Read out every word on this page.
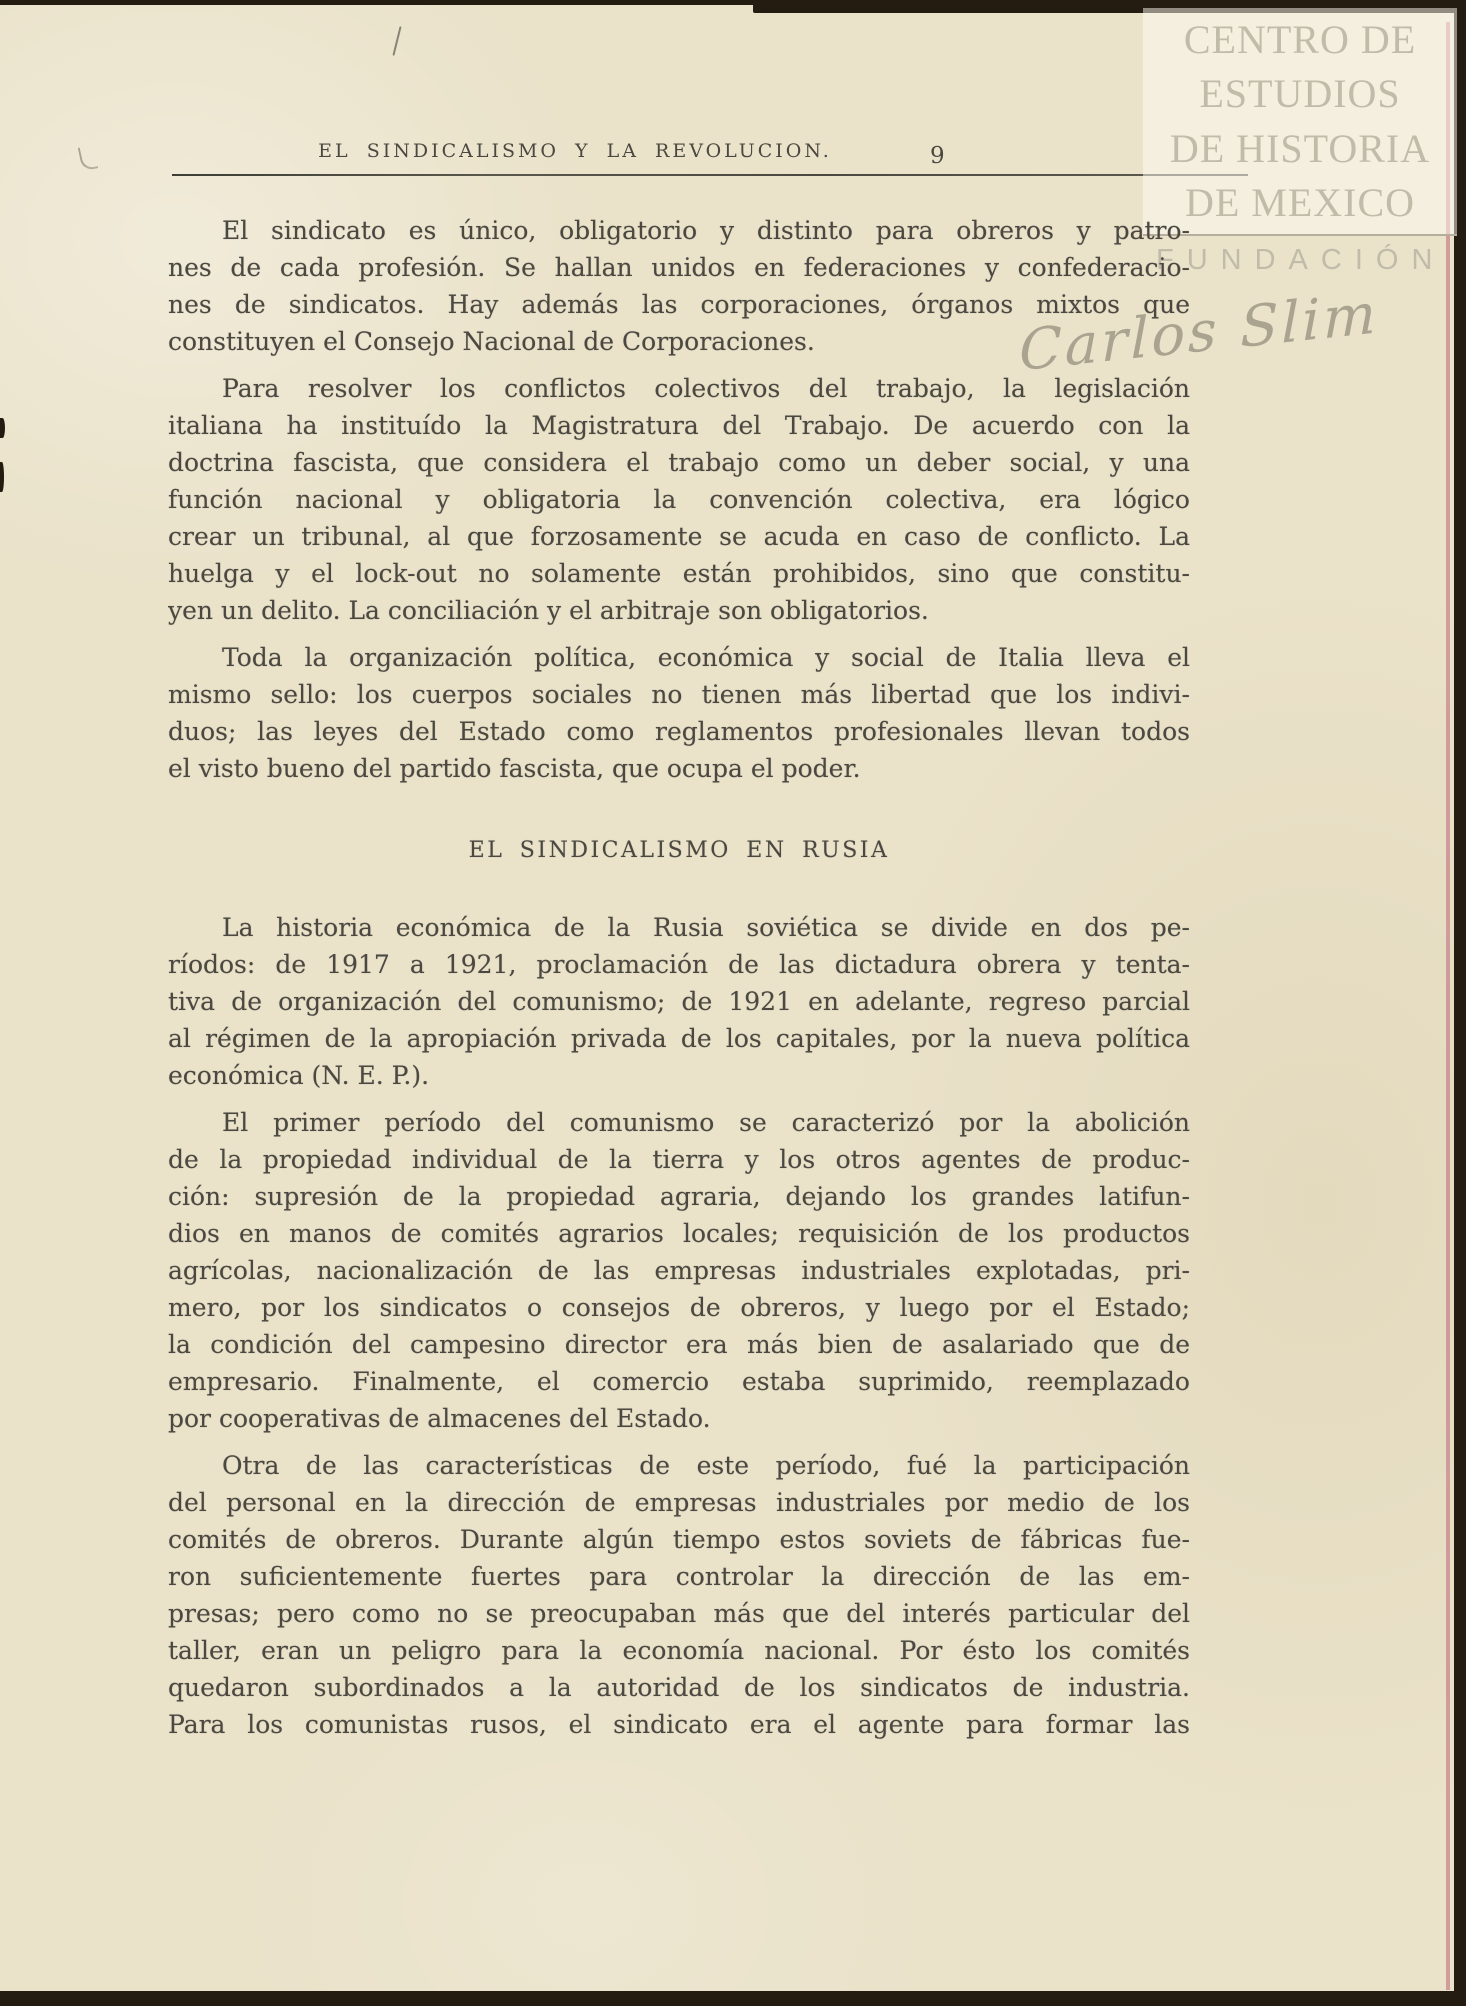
EL SINDICALISMO Y LA REVOLUCION.	9
CENTRO DE
ESTUDIOS
DE HISTORIA
DE MEXICO
FUNDACIÓN
Carlos Slim
El sindicato es único, obligatorio y distinto para obreros y patro-
nes de cada profesión. Se hallan unidos en federaciones y confederacio-
nes de sindicatos. Hay además las corporaciones, órganos mixtos que
constituyen el Consejo Nacional de Corporaciones.
Para resolver los conflictos colectivos del trabajo, la legislación
italiana ha instituído la Magistratura del Trabajo. De acuerdo con la
doctrina fascista, que considera el trabajo como un deber social, y una
función nacional y obligatoria la convención colectiva, era lógico
crear un tribunal, al que forzosamente se acuda en caso de conflicto. La
huelga y el lock-out no solamente están prohibidos, sino que constitu-
yen un delito. La conciliación y el arbitraje son obligatorios.
Toda la organización política, económica y social de Italia lleva el
mismo sello: los cuerpos sociales no tienen más libertad que los indivi-
duos; las leyes del Estado como reglamentos profesionales llevan todos
el visto bueno del partido fascista, que ocupa el poder.
EL SINDICALISMO EN RUSIA
La historia económica de la Rusia soviética se divide en dos pe-
ríodos: de 1917 a 1921, proclamación de las dictadura obrera y tenta-
tiva de organización del comunismo; de 1921 en adelante, regreso parcial
al régimen de la apropiación privada de los capitales, por la nueva política
económica (N. E. P.).
El primer período del comunismo se caracterizó por la abolición
de la propiedad individual de la tierra y los otros agentes de produc-
ción: supresión de la propiedad agraria, dejando los grandes latifun-
dios en manos de comités agrarios locales; requisición de los productos
agrícolas, nacionalización de las empresas industriales explotadas, pri-
mero, por los sindicatos o consejos de obreros, y luego por el Estado;
la condición del campesino director era más bien de asalariado que de
empresario. Finalmente, el comercio estaba suprimido, reemplazado
por cooperativas de almacenes del Estado.
Otra de las características de este período, fué la participación
del personal en la dirección de empresas industriales por medio de los
comités de obreros. Durante algún tiempo estos soviets de fábricas fue-
ron suficientemente fuertes para controlar la dirección de las em-
presas; pero como no se preocupaban más que del interés particular del
taller, eran un peligro para la economía nacional. Por ésto los comités
quedaron subordinados a la autoridad de los sindicatos de industria.
Para los comunistas rusos, el sindicato era el agente para formar las
